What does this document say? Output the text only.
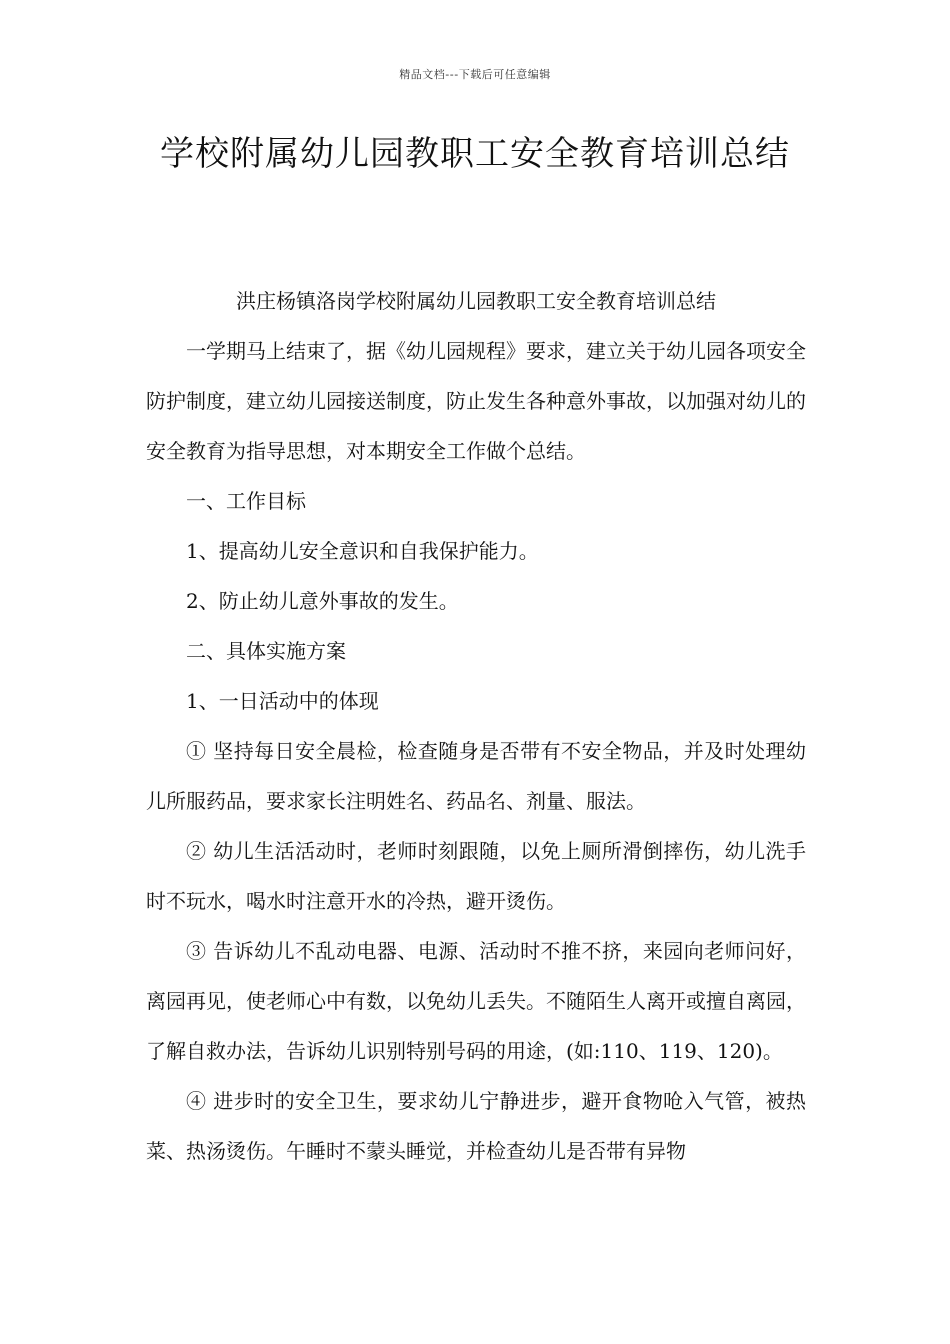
精品文档---下载后可任意编辑
学校附属幼儿园教职工安全教育培训总结

洪庄杨镇洛岗学校附属幼儿园教职工安全教育培训总结

一学期马上结束了，据《幼儿园规程》要求，建立关于幼儿园各项安全防护制度，建立幼儿园接送制度，防止发生各种意外事故，以加强对幼儿的安全教育为指导思想，对本期安全工作做个总结。

一、工作目标

1、提高幼儿安全意识和自我保护能力。

2、防止幼儿意外事故的发生。

二、具体实施方案

1、一日活动中的体现

① 坚持每日安全晨检，检查随身是否带有不安全物品，并及时处理幼儿所服药品，要求家长注明姓名、药品名、剂量、服法。

② 幼儿生活活动时，老师时刻跟随，以免上厕所滑倒摔伤，幼儿洗手时不玩水，喝水时注意开水的冷热，避开烫伤。

③ 告诉幼儿不乱动电器、电源、活动时不推不挤，来园向老师问好，离园再见，使老师心中有数，以免幼儿丢失。不随陌生人离开或擅自离园，了解自救办法，告诉幼儿识别特别号码的用途，(如:110、119、120)。

④ 进步时的安全卫生，要求幼儿宁静进步，避开食物呛入气管，被热菜、热汤烫伤。午睡时不蒙头睡觉，并检查幼儿是否带有异物
